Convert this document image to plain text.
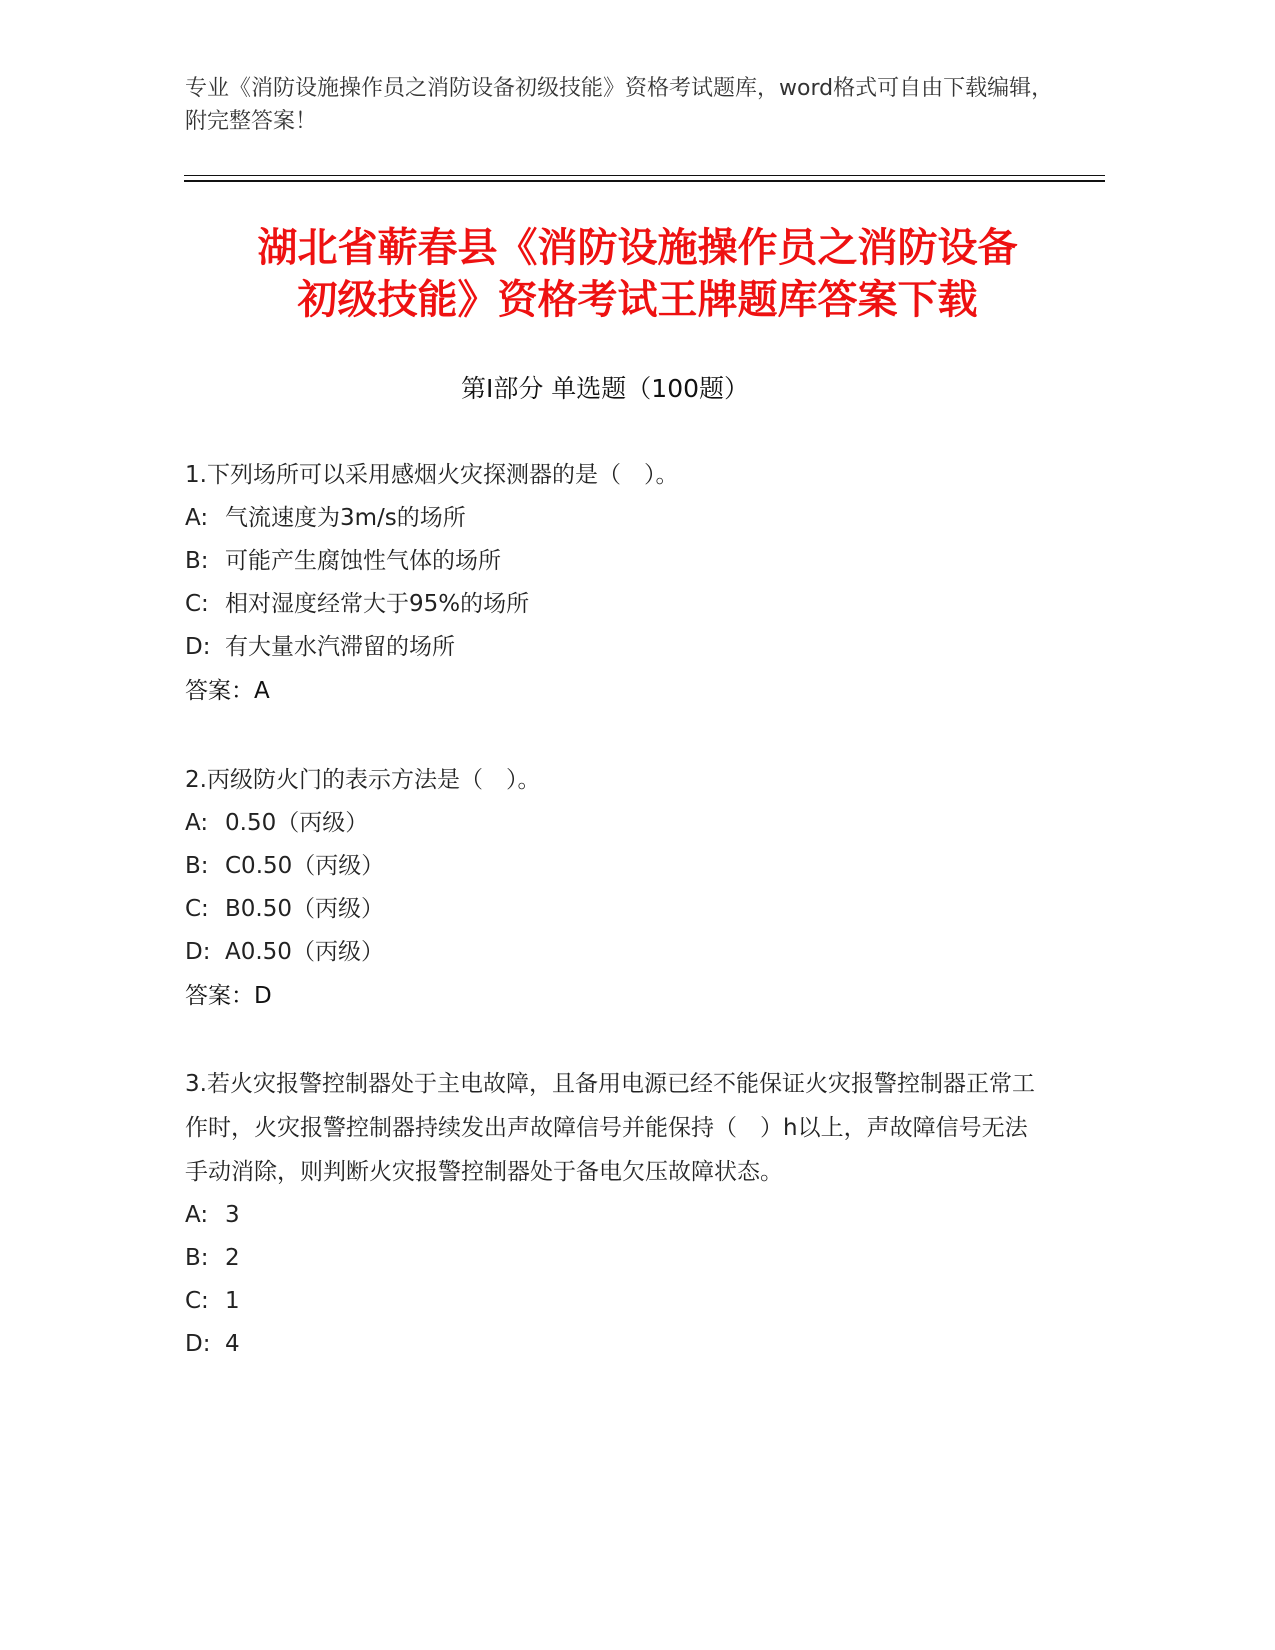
专业《消防设施操作员之消防设备初级技能》资格考试题库，word格式可自由下载编辑，附完整答案！
湖北省蕲春县《消防设施操作员之消防设备
初级技能》资格考试王牌题库答案下载
第Ⅰ部分 单选题（100题）
1.下列场所可以采用感烟火灾探测器的是（　）。
A: 气流速度为3m/s的场所
B: 可能产生腐蚀性气体的场所
C: 相对湿度经常大于95%的场所
D: 有大量水汽滞留的场所
答案：A
2.丙级防火门的表示方法是（　）。
A: 0.50（丙级）
B: C0.50（丙级）
C: B0.50（丙级）
D: A0.50（丙级）
答案：D
3.若火灾报警控制器处于主电故障，且备用电源已经不能保证火灾报警控制器正常工作时，火灾报警控制器持续发出声故障信号并能保持（　）h以上，声故障信号无法手动消除，则判断火灾报警控制器处于备电欠压故障状态。
A: 3
B: 2
C: 1
D: 4
